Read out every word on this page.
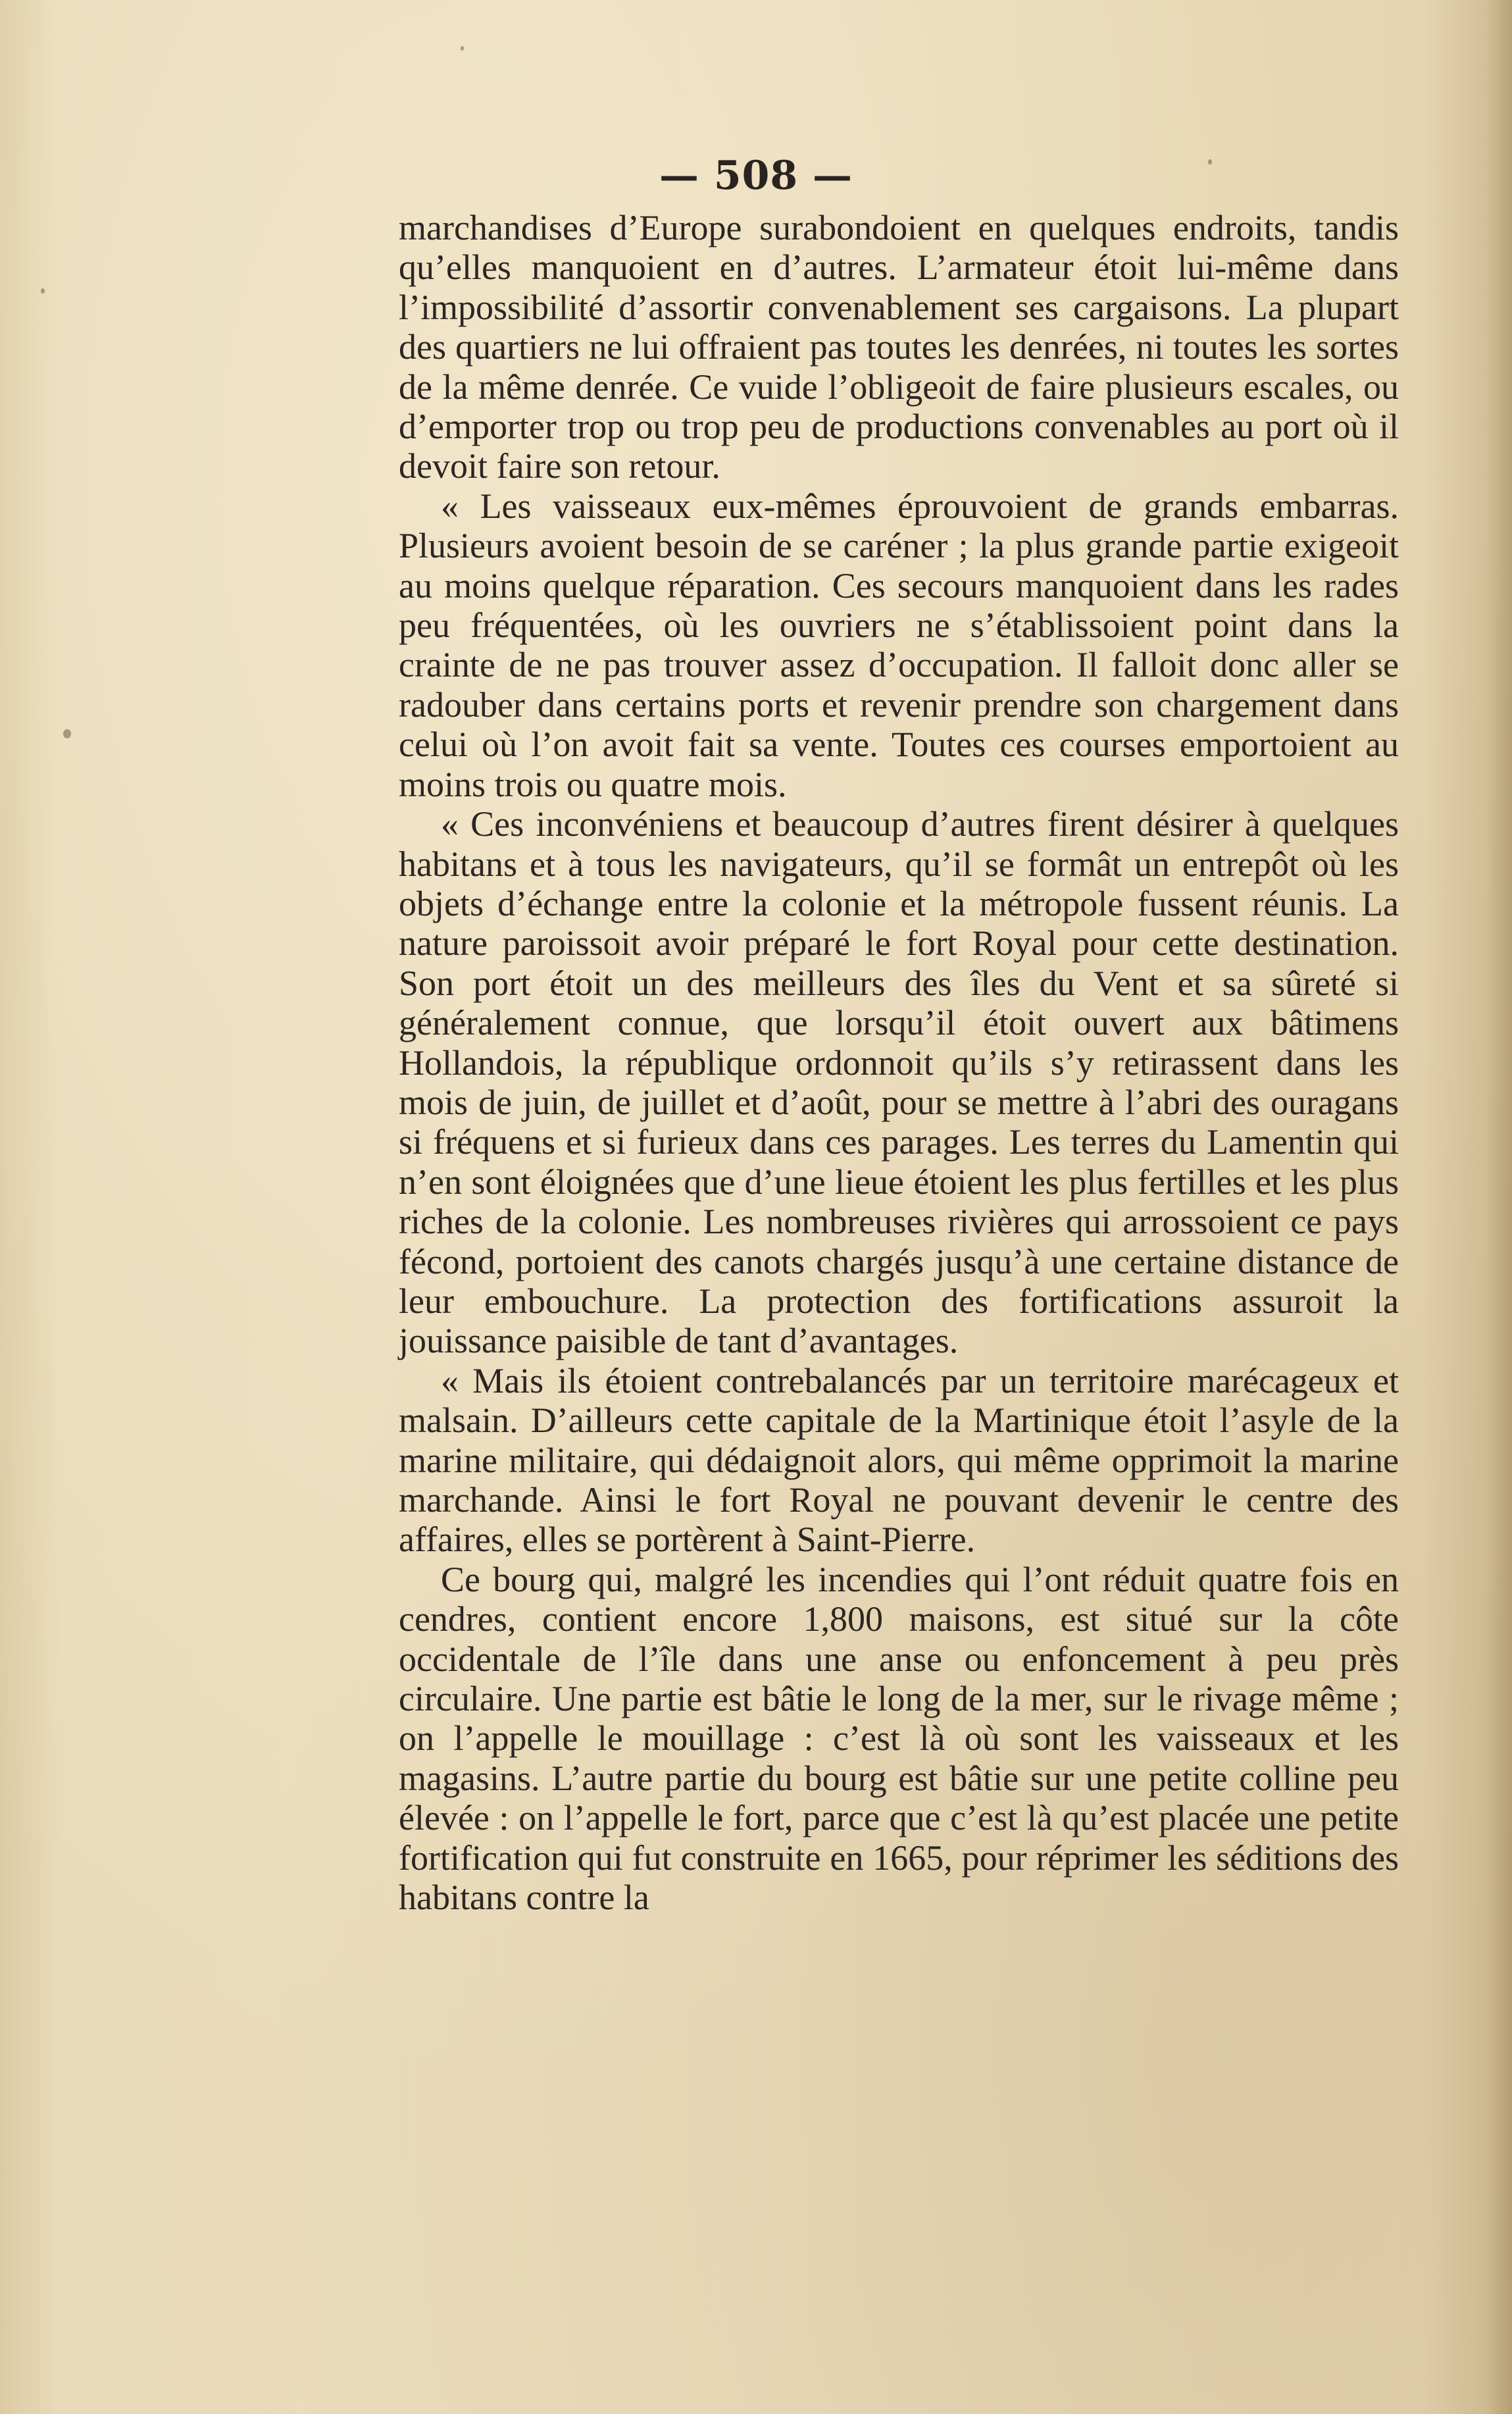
— 508 —

marchandises d’Europe surabondoient en quelques endroits, tandis qu’elles manquoient en d’autres. L’armateur étoit lui-même dans l’impossibilité d’assortir convenablement ses cargaisons. La plupart des quartiers ne lui offraient pas toutes les denrées, ni toutes les sortes de la même denrée. Ce vuide l’obligeoit de faire plusieurs escales, ou d’emporter trop ou trop peu de productions convenables au port où il devoit faire son retour.

« Les vaisseaux eux-mêmes éprouvoient de grands embarras. Plusieurs avoient besoin de se caréner ; la plus grande partie exigeoit au moins quelque réparation. Ces secours manquoient dans les rades peu fréquentées, où les ouvriers ne s’établissoient point dans la crainte de ne pas trouver assez d’occupation. Il falloit donc aller se radouber dans certains ports et revenir prendre son chargement dans celui où l’on avoit fait sa vente. Toutes ces courses emportoient au moins trois ou quatre mois.

« Ces inconvéniens et beaucoup d’autres firent désirer à quelques habitans et à tous les navigateurs, qu’il se formât un entrepôt où les objets d’échange entre la colonie et la métropole fussent réunis. La nature paroissoit avoir préparé le fort Royal pour cette destination. Son port étoit un des meilleurs des îles du Vent et sa sûreté si généralement connue, que lorsqu’il étoit ouvert aux bâtimens Hollandois, la république ordonnoit qu’ils s’y retirassent dans les mois de juin, de juillet et d’août, pour se mettre à l’abri des ouragans si fréquens et si furieux dans ces parages. Les terres du Lamentin qui n’en sont éloignées que d’une lieue étoient les plus fertilles et les plus riches de la colonie. Les nombreuses rivières qui arrossoient ce pays fécond, portoient des canots chargés jusqu’à une certaine distance de leur embouchure. La protection des fortifications assuroit la jouissance paisible de tant d’avantages.

« Mais ils étoient contrebalancés par un territoire marécageux et malsain. D’ailleurs cette capitale de la Martinique étoit l’asyle de la marine militaire, qui dédaignoit alors, qui même opprimoit la marine marchande. Ainsi le fort Royal ne pouvant devenir le centre des affaires, elles se portèrent à Saint-Pierre.

Ce bourg qui, malgré les incendies qui l’ont réduit quatre fois en cendres, contient encore 1,800 maisons, est situé sur la côte occidentale de l’île dans une anse ou enfoncement à peu près circulaire. Une partie est bâtie le long de la mer, sur le rivage même ; on l’appelle le mouillage : c’est là où sont les vaisseaux et les magasins. L’autre partie du bourg est bâtie sur une petite colline peu élevée : on l’appelle le fort, parce que c’est là qu’est placée une petite fortification qui fut construite en 1665, pour réprimer les séditions des habitans contre la
